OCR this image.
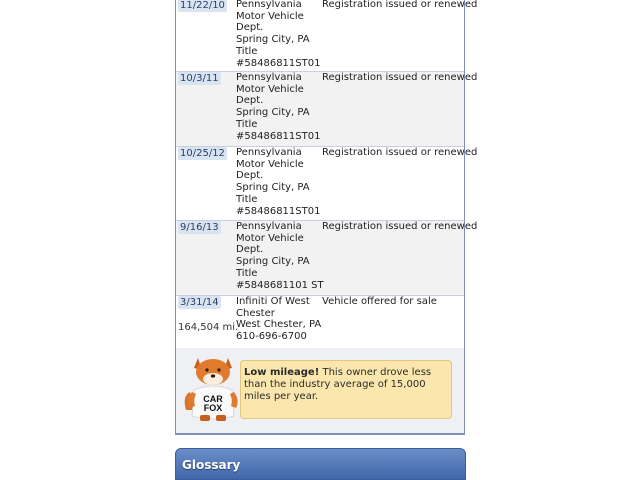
11/22/10 Pennsylvania
Motor Vehicle
Dept.
Spring City, PA
Title
#58486811ST01
Registration issued or renewed
10/3/11 Pennsylvania
Motor Vehicle
Dept.
Spring City, PA
Title
#58486811ST01
Registration issued or renewed
10/25/12 Pennsylvania
Motor Vehicle
Dept.
Spring City, PA
Title
#58486811ST01
Registration issued or renewed
9/16/13 Pennsylvania
Motor Vehicle
Dept.
Spring City, PA
Title
#5848681101 ST
Registration issued or renewed
3/31/14
164,504 mi.
Infiniti Of West
Chester
West Chester, PA
610-696-6700
Vehicle offered for sale
CAR
FOX
Low mileage! This owner drove less than the industry average of 15,000 miles per year.
Glossary
